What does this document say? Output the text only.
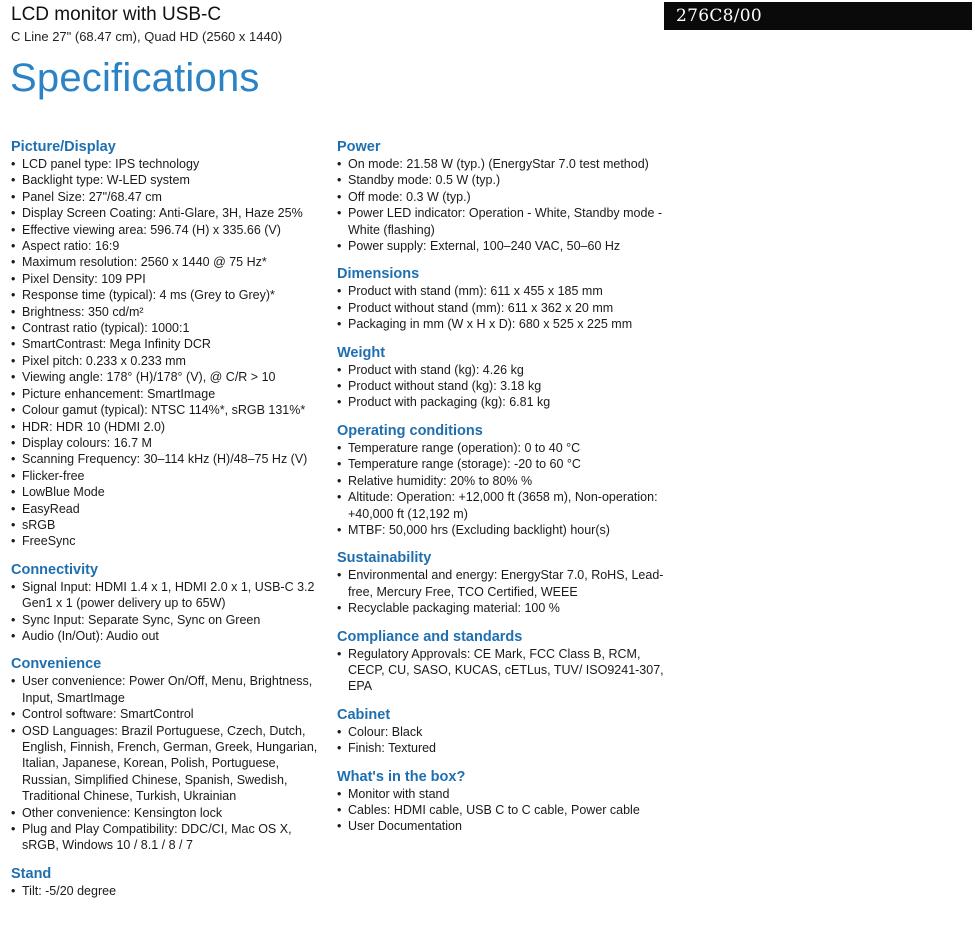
LCD monitor with USB-C
C Line 27" (68.47 cm), Quad HD (2560 x 1440)
276C8/00
Specifications
Picture/Display
• LCD panel type: IPS technology
• Backlight type: W-LED system
• Panel Size: 27"/68.47 cm
• Display Screen Coating: Anti-Glare, 3H, Haze 25%
• Effective viewing area: 596.74 (H) x 335.66 (V)
• Aspect ratio: 16:9
• Maximum resolution: 2560 x 1440 @ 75 Hz*
• Pixel Density: 109 PPI
• Response time (typical): 4 ms (Grey to Grey)*
• Brightness: 350 cd/m²
• Contrast ratio (typical): 1000:1
• SmartContrast: Mega Infinity DCR
• Pixel pitch: 0.233 x 0.233 mm
• Viewing angle: 178° (H)/178° (V), @ C/R > 10
• Picture enhancement: SmartImage
• Colour gamut (typical): NTSC 114%*, sRGB 131%*
• HDR: HDR 10 (HDMI 2.0)
• Display colours: 16.7 M
• Scanning Frequency: 30–114 kHz (H)/48–75 Hz (V)
• Flicker-free
• LowBlue Mode
• EasyRead
• sRGB
• FreeSync
Connectivity
• Signal Input: HDMI 1.4 x 1, HDMI 2.0 x 1, USB-C 3.2 Gen1 x 1 (power delivery up to 65W)
• Sync Input: Separate Sync, Sync on Green
• Audio (In/Out): Audio out
Convenience
• User convenience: Power On/Off, Menu, Brightness, Input, SmartImage
• Control software: SmartControl
• OSD Languages: Brazil Portuguese, Czech, Dutch, English, Finnish, French, German, Greek, Hungarian, Italian, Japanese, Korean, Polish, Portuguese, Russian, Simplified Chinese, Spanish, Swedish, Traditional Chinese, Turkish, Ukrainian
• Other convenience: Kensington lock
• Plug and Play Compatibility: DDC/CI, Mac OS X, sRGB, Windows 10 / 8.1 / 8 / 7
Stand
• Tilt: -5/20 degree
Power
• On mode: 21.58 W (typ.) (EnergyStar 7.0 test method)
• Standby mode: 0.5 W (typ.)
• Off mode: 0.3 W (typ.)
• Power LED indicator: Operation - White, Standby mode - White (flashing)
• Power supply: External, 100–240 VAC, 50–60 Hz
Dimensions
• Product with stand (mm): 611 x 455 x 185 mm
• Product without stand (mm): 611 x 362 x 20 mm
• Packaging in mm (W x H x D): 680 x 525 x 225 mm
Weight
• Product with stand (kg): 4.26 kg
• Product without stand (kg): 3.18 kg
• Product with packaging (kg): 6.81 kg
Operating conditions
• Temperature range (operation): 0 to 40 °C
• Temperature range (storage): -20 to 60 °C
• Relative humidity: 20% to 80% %
• Altitude: Operation: +12,000 ft (3658 m), Non-operation: +40,000 ft (12,192 m)
• MTBF: 50,000 hrs (Excluding backlight) hour(s)
Sustainability
• Environmental and energy: EnergyStar 7.0, RoHS, Lead-free, Mercury Free, TCO Certified, WEEE
• Recyclable packaging material: 100 %
Compliance and standards
• Regulatory Approvals: CE Mark, FCC Class B, RCM, CECP, CU, SASO, KUCAS, cETLus, TUV/ ISO9241-307, EPA
Cabinet
• Colour: Black
• Finish: Textured
What's in the box?
• Monitor with stand
• Cables: HDMI cable, USB C to C cable, Power cable
• User Documentation
